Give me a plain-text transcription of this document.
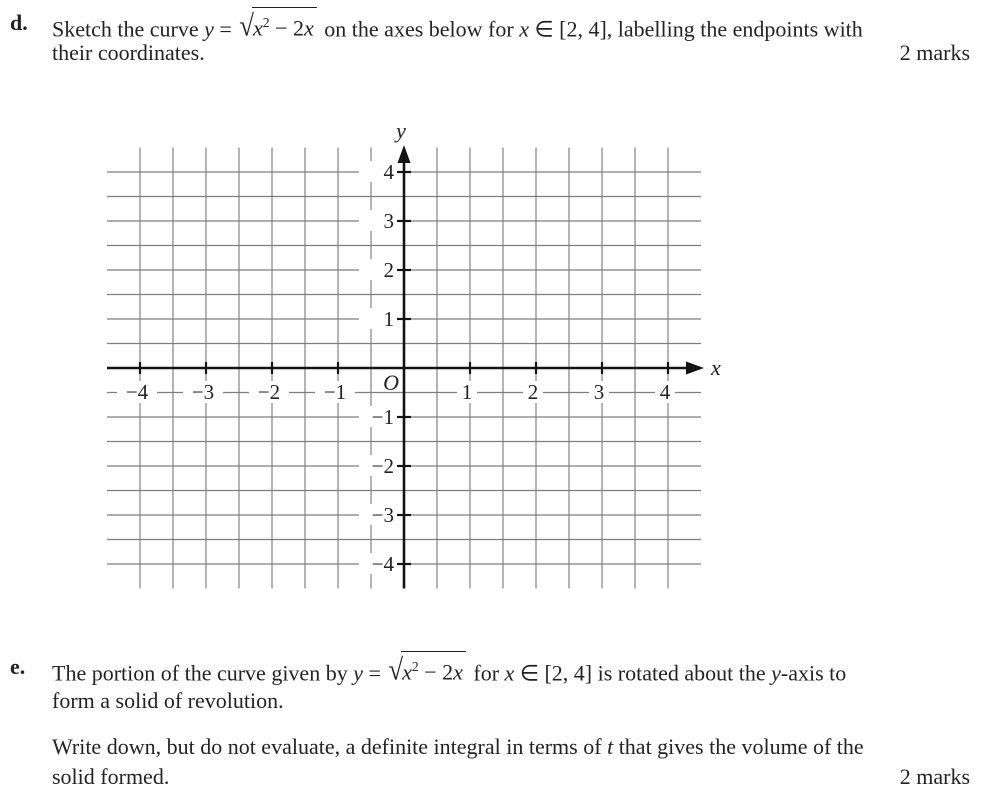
d. Sketch the curve $y = √x^2 - 2x$ on the axes below for x ∈ [2, 4], labelling the endpoints with
their coordinates.	2 marks
−4 −3 −2 −1	1	2	3	4
4
3
2
1
−1
−2
−3
−4
y
x
O
e. The portion of the curve given by $y = √x^2 - 2x$ for x ∈ [2, 4] is rotated about the y-axis to
form a solid of revolution.
Write down, but do not evaluate, a definite integral in terms of t that gives the volume of the
solid formed.	2 marks
